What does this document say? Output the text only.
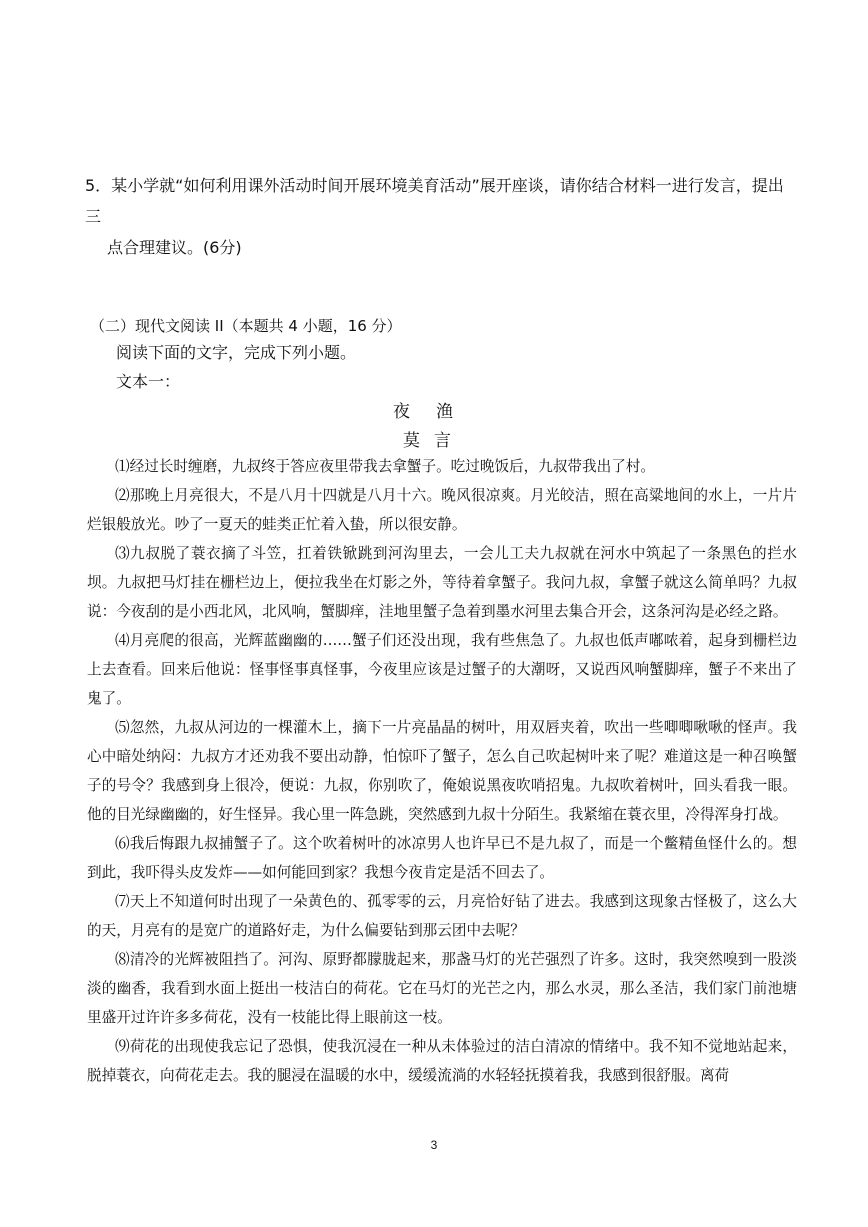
5．某小学就“如何利用课外活动时间开展环境美育活动”展开座谈，请你结合材料一进行发言，提出三
点合理建议。(6分)
（二）现代文阅读 II（本题共 4 小题，16 分）
阅读下面的文字，完成下列小题。
文本一：
夜渔
莫言

⑴经过长时缠磨，九叔终于答应夜里带我去拿蟹子。吃过晚饭后，九叔带我出了村。

⑵那晚上月亮很大，不是八月十四就是八月十六。晚风很凉爽。月光皎洁，照在高粱地间的水上，一片片烂银般放光。吵了一夏天的蛙类正忙着入蛰，所以很安静。

⑶九叔脱了蓑衣摘了斗笠，扛着铁锨跳到河沟里去，一会儿工夫九叔就在河水中筑起了一条黑色的拦水坝。九叔把马灯挂在栅栏边上，便拉我坐在灯影之外，等待着拿蟹子。我问九叔，拿蟹子就这么简单吗？九叔说：今夜刮的是小西北风，北风响，蟹脚痒，洼地里蟹子急着到墨水河里去集合开会，这条河沟是必经之路。

⑷月亮爬的很高，光辉蓝幽幽的……蟹子们还没出现，我有些焦急了。九叔也低声嘟哝着，起身到栅栏边上去查看。回来后他说：怪事怪事真怪事，今夜里应该是过蟹子的大潮呀，又说西风响蟹脚痒，蟹子不来出了鬼了。

⑸忽然，九叔从河边的一棵灌木上，摘下一片亮晶晶的树叶，用双唇夹着，吹出一些唧唧啾啾的怪声。我心中暗处纳闷：九叔方才还劝我不要出动静，怕惊吓了蟹子，怎么自己吹起树叶来了呢？难道这是一种召唤蟹子的号令？我感到身上很冷，便说：九叔，你别吹了，俺娘说黑夜吹哨招鬼。九叔吹着树叶，回头看我一眼。他的目光绿幽幽的，好生怪异。我心里一阵急跳，突然感到九叔十分陌生。我紧缩在蓑衣里，冷得浑身打战。

⑹我后悔跟九叔捕蟹子了。这个吹着树叶的冰凉男人也许早已不是九叔了，而是一个鳖精鱼怪什么的。想到此，我吓得头皮发炸——如何能回到家？我想今夜肯定是活不回去了。

⑺天上不知道何时出现了一朵黄色的、孤零零的云，月亮恰好钻了进去。我感到这现象古怪极了，这么大的天，月亮有的是宽广的道路好走，为什么偏要钻到那云团中去呢？

⑻清冷的光辉被阻挡了。河沟、原野都朦胧起来，那盏马灯的光芒强烈了许多。这时，我突然嗅到一股淡淡的幽香，我看到水面上挺出一枝洁白的荷花。它在马灯的光芒之内，那么水灵，那么圣洁，我们家门前池塘里盛开过许许多多荷花，没有一枝能比得上眼前这一枝。

⑼荷花的出现使我忘记了恐惧，使我沉浸在一种从未体验过的洁白清凉的情绪中。我不知不觉地站起来，脱掉蓑衣，向荷花走去。我的腿浸在温暖的水中，缓缓流淌的水轻轻抚摸着我，我感到很舒服。离荷

3
